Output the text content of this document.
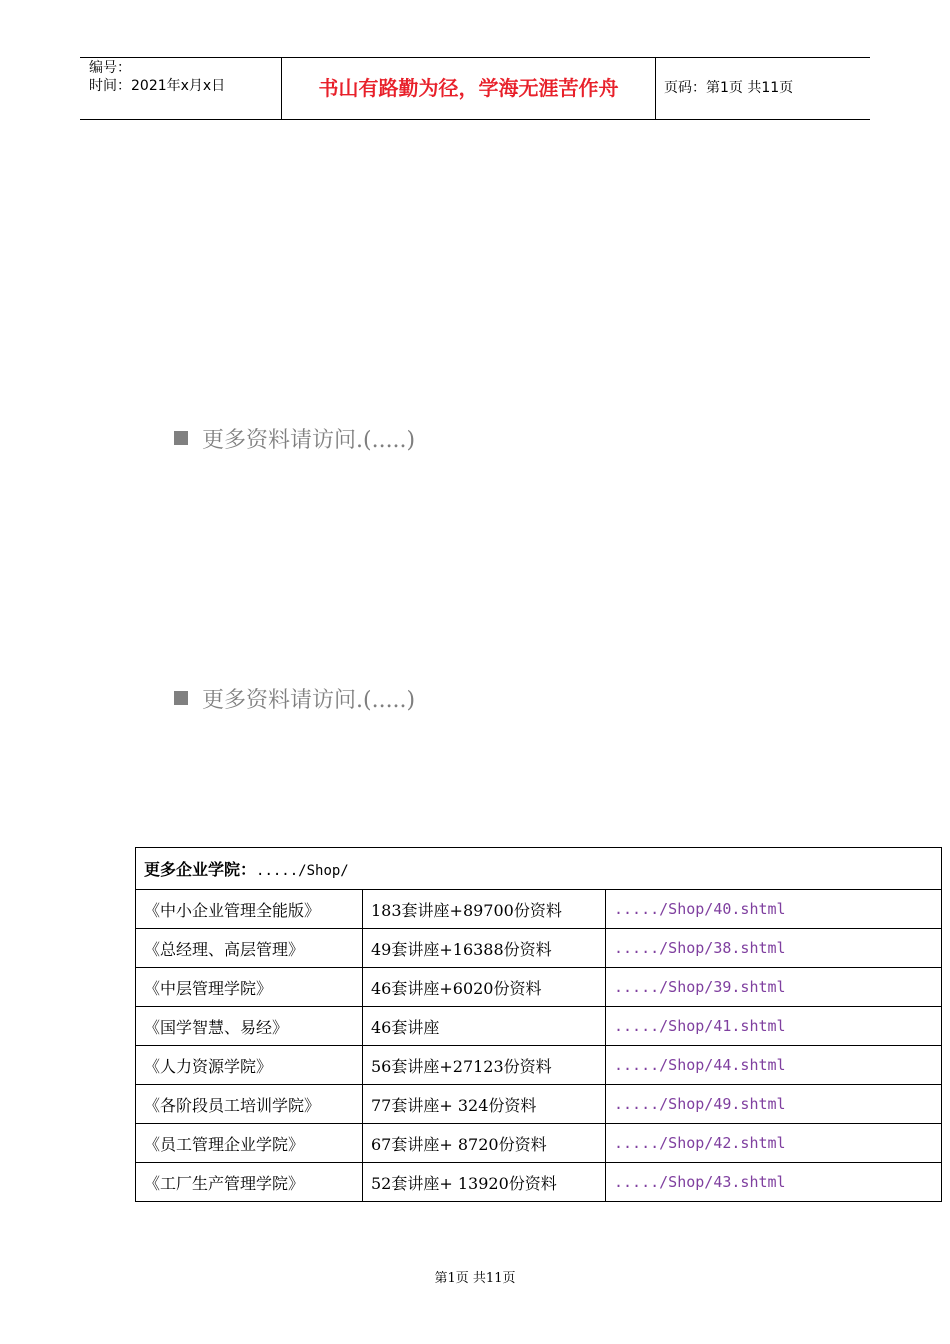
编号：
时间：2021年x月x日	书山有路勤为径，学海无涯苦作舟	页码：第1页 共11页
更多资料请访问.(.....)
更多资料请访问.(.....)
更多企业学院：...../Shop/		
《中小企业管理全能版》	183套讲座+89700份资料	...../Shop/40.shtml
《总经理、高层管理》	49套讲座+16388份资料	...../Shop/38.shtml
《中层管理学院》	46套讲座+6020份资料	...../Shop/39.shtml
《国学智慧、易经》	46套讲座	...../Shop/41.shtml
《人力资源学院》	56套讲座+27123份资料	...../Shop/44.shtml
《各阶段员工培训学院》	77套讲座+ 324份资料	...../Shop/49.shtml
《员工管理企业学院》	67套讲座+ 8720份资料	...../Shop/42.shtml
《工厂生产管理学院》	52套讲座+ 13920份资料	...../Shop/43.shtml
第1页 共11页
